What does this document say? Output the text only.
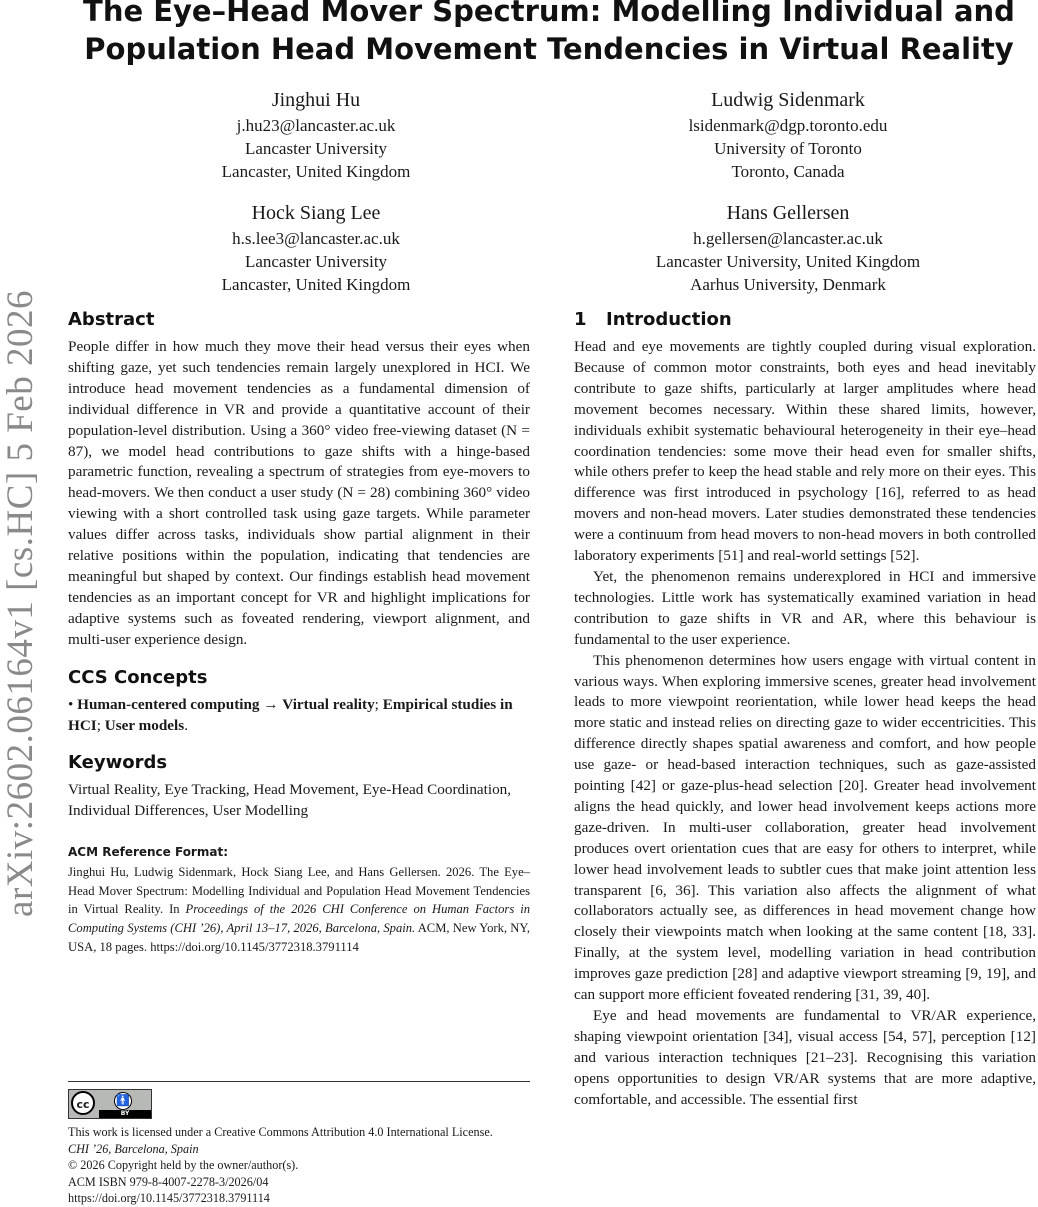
arXiv:2602.06164v1 [cs.HC] 5 Feb 2026
The Eye–Head Mover Spectrum: Modelling Individual and
Population Head Movement Tendencies in Virtual Reality
Jinghui Hu
j.hu23@lancaster.ac.uk
Lancaster University
Lancaster, United Kingdom
Ludwig Sidenmark
lsidenmark@dgp.toronto.edu
University of Toronto
Toronto, Canada
Hock Siang Lee
h.s.lee3@lancaster.ac.uk
Lancaster University
Lancaster, United Kingdom
Hans Gellersen
h.gellersen@lancaster.ac.uk
Lancaster University, United Kingdom
Aarhus University, Denmark
Abstract

People differ in how much they move their head versus their eyes when shifting gaze, yet such tendencies remain largely unexplored in HCI. We introduce head movement tendencies as a fundamental dimension of individual difference in VR and provide a quantitative account of their population-level distribution. Using a 360° video free-viewing dataset (N = 87), we model head contributions to gaze shifts with a hinge-based parametric function, revealing a spectrum of strategies from eye-movers to head-movers. We then conduct a user study (N = 28) combining 360° video viewing with a short controlled task using gaze targets. While parameter values differ across tasks, individuals show partial alignment in their relative positions within the population, indicating that tendencies are meaningful but shaped by context. Our findings establish head movement tendencies as an important concept for VR and highlight implications for adaptive systems such as foveated rendering, viewport alignment, and multi-user experience design.

CCS Concepts
• Human-centered computing → Virtual reality; Empirical studies in HCI; User models.
Keywords

Virtual Reality, Eye Tracking, Head Movement, Eye-Head Coordination, Individual Differences, User Modelling

ACM Reference Format:

Jinghui Hu, Ludwig Sidenmark, Hock Siang Lee, and Hans Gellersen. 2026. The Eye–Head Mover Spectrum: Modelling Individual and Population Head Movement Tendencies in Virtual Reality. In Proceedings of the 2026 CHI Conference on Human Factors in Computing Systems (CHI ’26), April 13–17, 2026, Barcelona, Spain. ACM, New York, NY, USA, 18 pages. https://doi.org/10.1145/3772318.3791114

cc	🚹
BY
This work is licensed under a Creative Commons Attribution 4.0 International License.
CHI ’26, Barcelona, Spain
© 2026 Copyright held by the owner/author(s).
ACM ISBN 979-8-4007-2278-3/2026/04
https://doi.org/10.1145/3772318.3791114
1 Introduction

Head and eye movements are tightly coupled during visual exploration. Because of common motor constraints, both eyes and head inevitably contribute to gaze shifts, particularly at larger amplitudes where head movement becomes necessary. Within these shared limits, however, individuals exhibit systematic behavioural heterogeneity in their eye–head coordination tendencies: some move their head even for smaller shifts, while others prefer to keep the head stable and rely more on their eyes. This difference was first introduced in psychology [16], referred to as head movers and non-head movers. Later studies demonstrated these tendencies were a continuum from head movers to non-head movers in both controlled laboratory experiments [51] and real-world settings [52].

Yet, the phenomenon remains underexplored in HCI and immersive technologies. Little work has systematically examined variation in head contribution to gaze shifts in VR and AR, where this behaviour is fundamental to the user experience.

This phenomenon determines how users engage with virtual content in various ways. When exploring immersive scenes, greater head involvement leads to more viewpoint reorientation, while lower head keeps the head more static and instead relies on directing gaze to wider eccentricities. This difference directly shapes spatial awareness and comfort, and how people use gaze- or head-based interaction techniques, such as gaze-assisted pointing [42] or gaze-plus-head selection [20]. Greater head involvement aligns the head quickly, and lower head involvement keeps actions more gaze-driven. In multi-user collaboration, greater head involvement produces overt orientation cues that are easy for others to interpret, while lower head involvement leads to subtler cues that make joint attention less transparent [6, 36]. This variation also affects the alignment of what collaborators actually see, as differences in head movement change how closely their viewpoints match when looking at the same content [18, 33]. Finally, at the system level, modelling variation in head contribution improves gaze prediction [28] and adaptive viewport streaming [9, 19], and can support more efficient foveated rendering [31, 39, 40].

Eye and head movements are fundamental to VR/AR experience, shaping viewpoint orientation [34], visual access [54, 57], perception [12] and various interaction techniques [21–23]. Recognising this variation opens opportunities to design VR/AR systems that are more adaptive, comfortable, and accessible. The essential first
